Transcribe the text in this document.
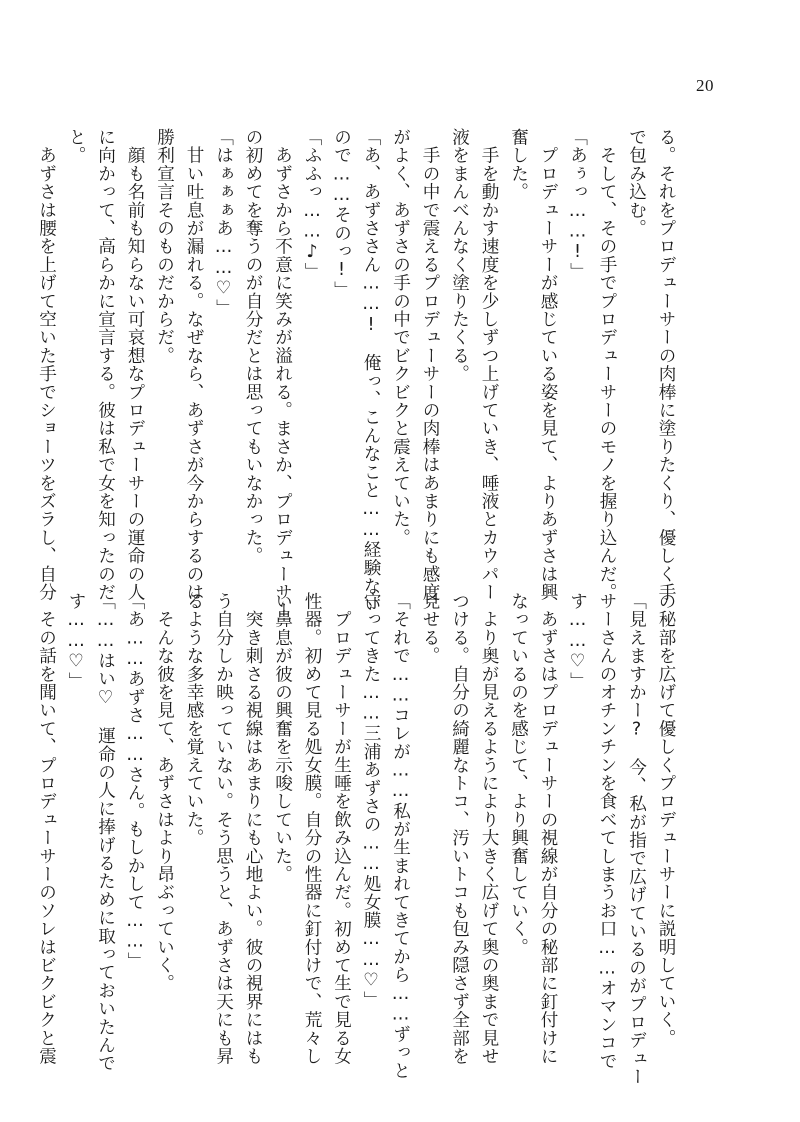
20
る。それをプロデューサーの肉棒に塗りたくり、優しく手
で包み込む。
　そして、その手でプロデューサーのモノを握り込んだ。
「あぅっ……!」
　プロデューサーが感じている姿を見て、よりあずさは興
奮した。
　手を動かす速度を少しずつ上げていき、唾液とカウパー
液をまんべんなく塗りたくる。
　手の中で震えるプロデューサーの肉棒はあまりにも感度
がよく、あずさの手の中でビクビクと震えていた。
「あ、あずささん……!　俺っ、こんなこと……経験ない
ので……そのっ!」
「ふふっ……♪」
　あずさから不意に笑みが溢れる。まさか、プロデューサー
の初めてを奪うのが自分だとは思ってもいなかった。
「はぁぁぁあ……♡」
　甘い吐息が漏れる。なぜなら、あずさが今からするのは
勝利宣言そのものだからだ。
　顔も名前も知らない可哀想なプロデューサーの運命の人
に向かって、高らかに宣言する。彼は私で女を知ったのだ
と。
　あずさは腰を上げて空いた手でショーツをズラし、自分
の秘部を広げて優しくプロデューサーに説明していく。
「見えますかー?　今、私が指で広げているのがプロデュー
サーさんのオチンチンを食べてしまうお口……オマンコで
す……♡」
　あずさはプロデューサーの視線が自分の秘部に釘付けに
なっているのを感じて、より興奮していく。
　より奥が見えるようにより大きく広げて奥の奥まで見せ
つける。自分の綺麗なトコ、汚いトコも包み隠さず全部を
見せる。
「それで……コレが……私が生まれてきてから……ずっと
守ってきた……三浦あずさの……処女膜……♡」
　プロデューサーが生唾を飲み込んだ。初めて生で見る女
性器。初めて見る処女膜。自分の性器に釘付けで、荒々し
い鼻息が彼の興奮を示唆していた。
　突き刺さる視線はあまりにも心地よい。彼の視界にはも
う自分しか映っていない。そう思うと、あずさは天にも昇
るような多幸感を覚えていた。
　そんな彼を見て、あずさはより昂ぶっていく。
「あ……あずさ……さん。もしかして……」
「……はい♡　運命の人に捧げるために取っておいたんで
す……♡」
　その話を聞いて、プロデューサーのソレはビクビクと震
